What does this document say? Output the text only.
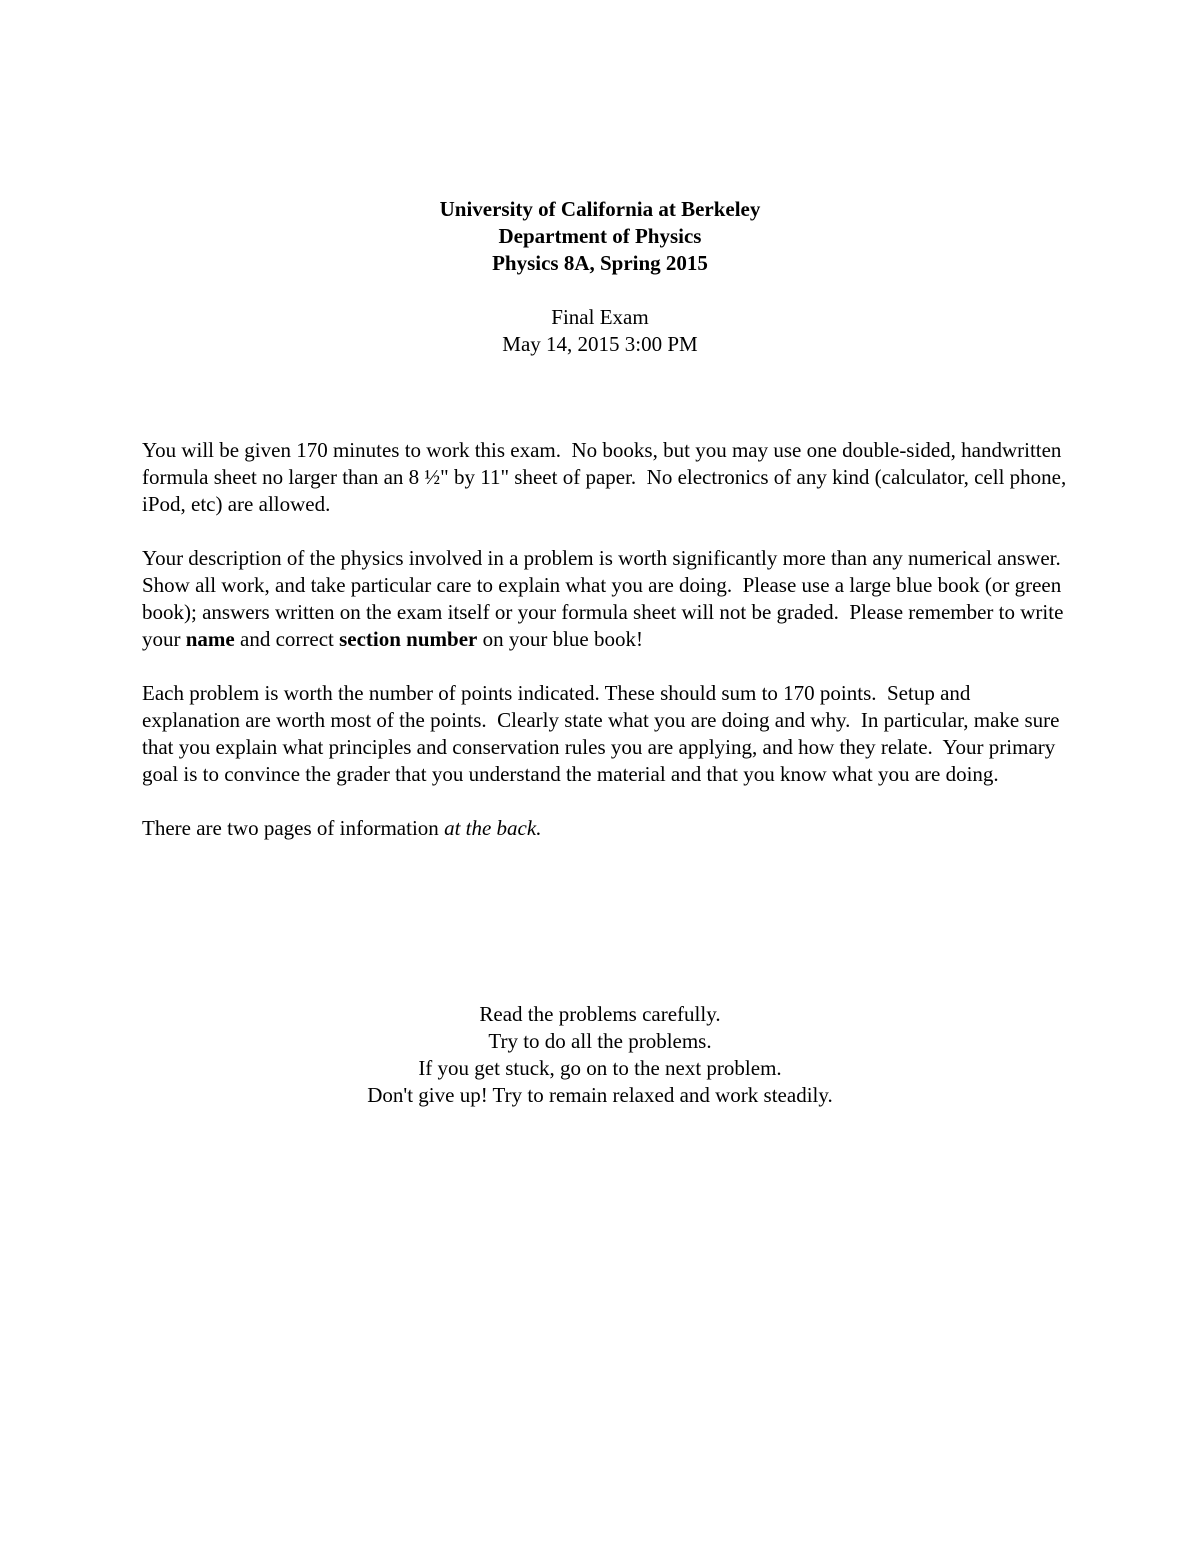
University of California at Berkeley
Department of Physics
Physics 8A, Spring 2015
Final Exam
May 14, 2015 3:00 PM

You will be given 170 minutes to work this exam.  No books, but you may use one double-sided, handwritten formula sheet no larger than an 8 ½" by 11" sheet of paper.  No electronics of any kind (calculator, cell phone, iPod, etc) are allowed.

Your description of the physics involved in a problem is worth significantly more than any numerical answer.  Show all work, and take particular care to explain what you are doing.  Please use a large blue book (or green book); answers written on the exam itself or your formula sheet will not be graded.  Please remember to write your name and correct section number on your blue book!

Each problem is worth the number of points indicated. These should sum to 170 points.  Setup and explanation are worth most of the points.  Clearly state what you are doing and why.  In particular, make sure that you explain what principles and conservation rules you are applying, and how they relate.  Your primary goal is to convince the grader that you understand the material and that you know what you are doing.

There are two pages of information at the back.

Read the problems carefully.
Try to do all the problems.
If you get stuck, go on to the next problem.
Don't give up! Try to remain relaxed and work steadily.
